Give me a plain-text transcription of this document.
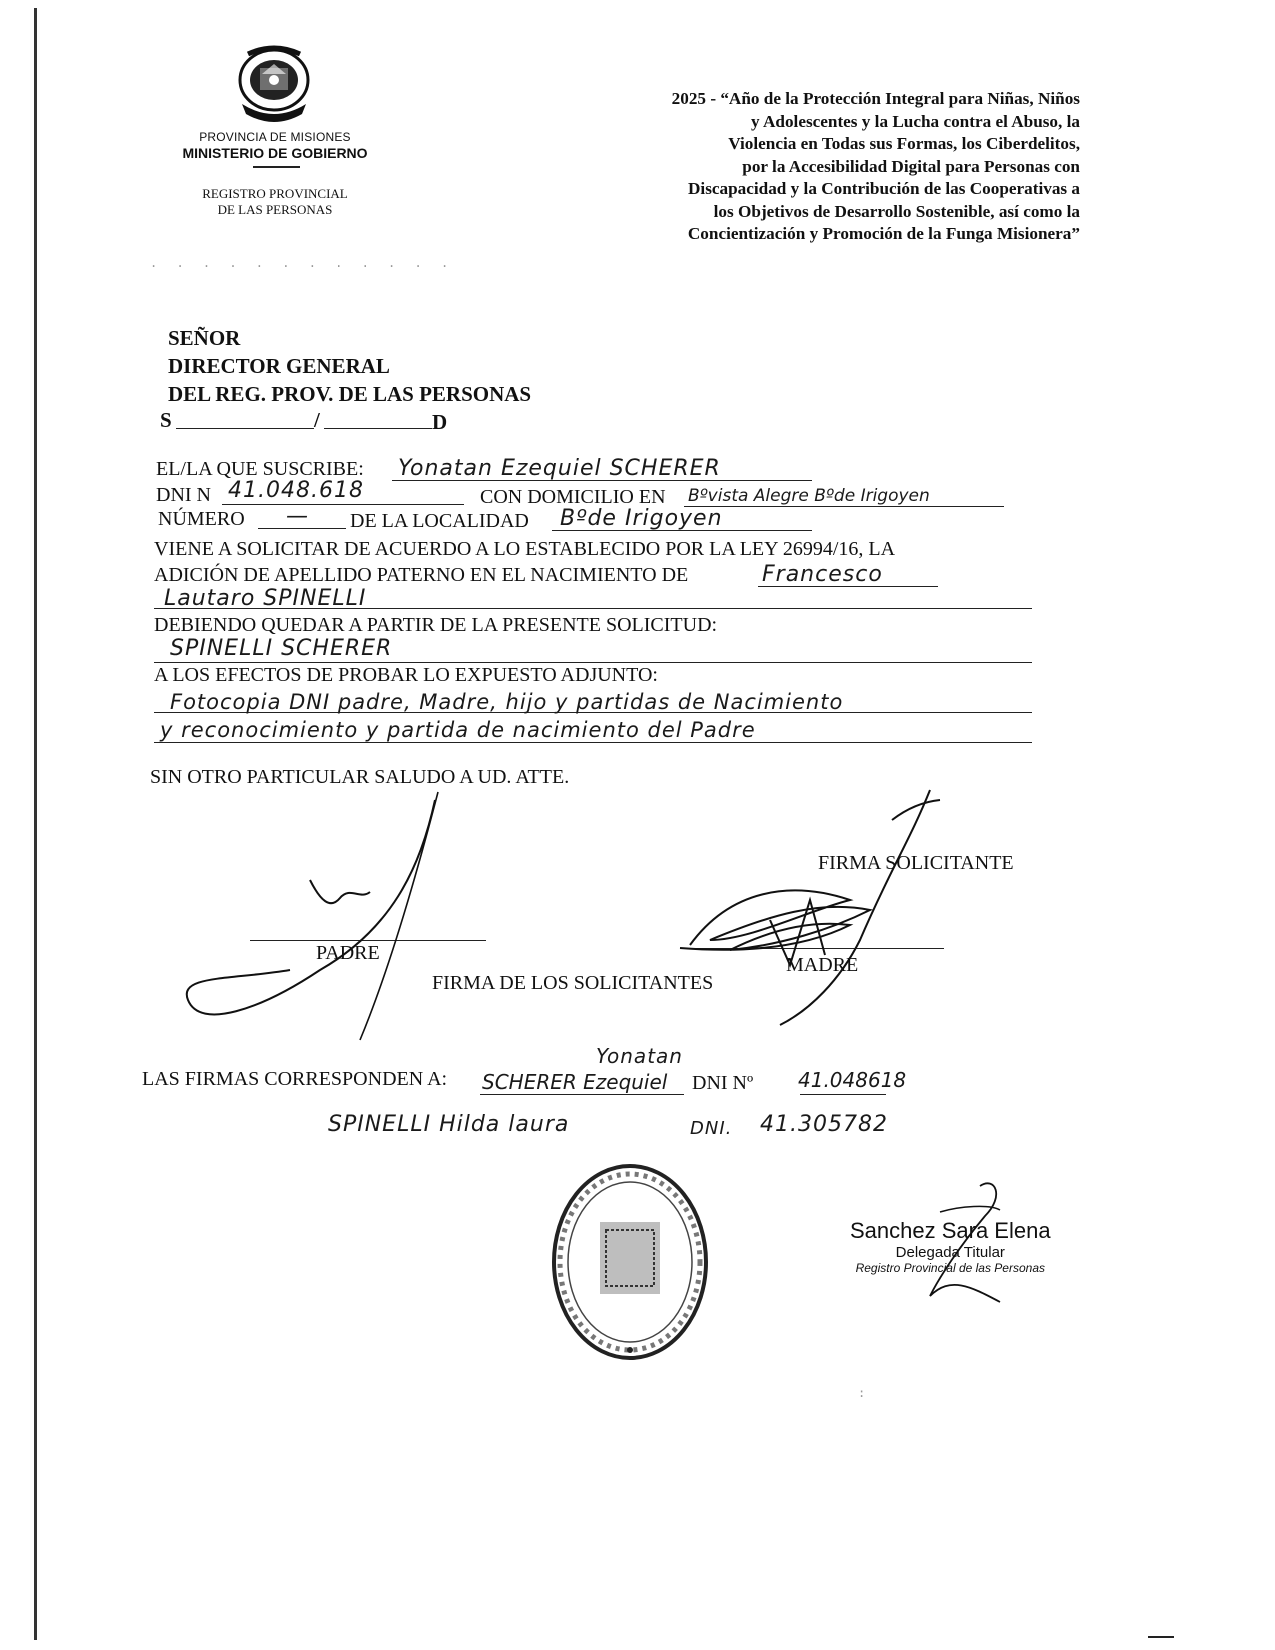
PROVINCIA DE MISIONES
MINISTERIO DE GOBIERNO
REGISTRO PROVINCIAL
DE LAS PERSONAS
. . . . . . . . . . . .
2025 - “Año de la Protección Integral para Niñas, Niños
y Adolescentes y la Lucha contra el Abuso, la
Violencia en Todas sus Formas, los Ciberdelitos,
por la Accesibilidad Digital para Personas con
Discapacidad y la Contribución de las Cooperativas a
los Objetivos de Desarrollo Sostenible, así como la
Concientización y Promoción de la Funga Misionera”
SEÑOR
DIRECTOR GENERAL
DEL REG. PROV. DE LAS PERSONAS
S	/	D
EL/LA QUE SUSCRIBE: Yonatan Ezequiel SCHERER
DNI N 41.048.618	CON DOMICILIO EN Bºvista Alegre Bºde Irigoyen
NÚMERO — DE LA LOCALIDAD Bºde Irigoyen
VIENE A SOLICITAR DE ACUERDO A LO ESTABLECIDO POR LA LEY 26994/16, LA
ADICIÓN DE APELLIDO PATERNO EN EL NACIMIENTO DE	Francesco
Lautaro SPINELLI
DEBIENDO QUEDAR A PARTIR DE LA PRESENTE SOLICITUD:
SPINELLI SCHERER
A LOS EFECTOS DE PROBAR LO EXPUESTO ADJUNTO:
Fotocopia DNI padre, Madre, hijo y partidas de Nacimiento
y reconocimiento y partida de nacimiento del Padre
SIN OTRO PARTICULAR SALUDO A UD. ATTE.
FIRMA SOLICITANTE
PADRE
MADRE
FIRMA DE LOS SOLICITANTES
Yonatan
LAS FIRMAS CORRESPONDEN A: SCHERER Ezequiel DNI Nº 41.048618
SPINELLI Hilda laura	DNI. 41.305782
Sanchez Sara Elena
Delegada Titular
Registro Provincial de las Personas
:
